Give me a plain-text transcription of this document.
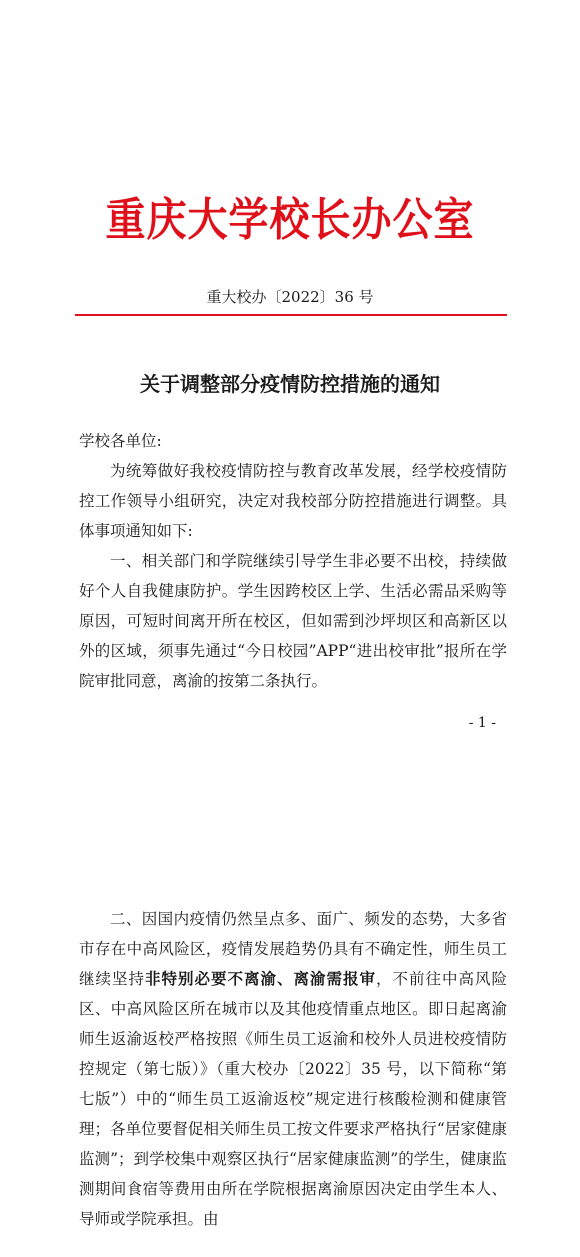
重庆大学校长办公室
重大校办〔2022〕36 号
关于调整部分疫情防控措施的通知
学校各单位:

为统筹做好我校疫情防控与教育改革发展，经学校疫情防控工作领导小组研究，决定对我校部分防控措施进行调整。具体事项通知如下:

一、相关部门和学院继续引导学生非必要不出校，持续做好个人自我健康防护。学生因跨校区上学、生活必需品采购等原因，可短时间离开所在校区，但如需到沙坪坝区和高新区以外的区域，须事先通过“今日校园”APP“进出校审批”报所在学院审批同意，离渝的按第二条执行。

- 1 -

二、因国内疫情仍然呈点多、面广、频发的态势，大多省市存在中高风险区，疫情发展趋势仍具有不确定性，师生员工继续坚持非特别必要不离渝、离渝需报审，不前往中高风险区、中高风险区所在城市以及其他疫情重点地区。即日起离渝师生返渝返校严格按照《师生员工返渝和校外人员进校疫情防控规定（第七版）》（重大校办〔2022〕35 号，以下简称“第七版”）中的“师生员工返渝返校”规定进行核酸检测和健康管理；各单位要督促相关师生员工按文件要求严格执行“居家健康监测”；到学校集中观察区执行“居家健康监测”的学生，健康监测期间食宿等费用由所在学院根据离渝原因决定由学生本人、导师或学院承担。由
